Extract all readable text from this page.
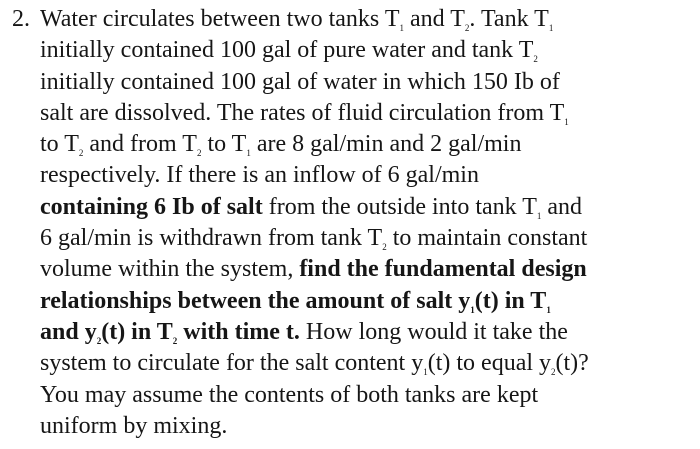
2. Water circulates between two tanks $T_1$ and $T_2$. Tank $T_1$
initially contained 100 gal of pure water and tank $T_2$
initially contained 100 gal of water in which 150 Ib of
salt are dissolved. The rates of fluid circulation from $T_1$
to $T_2$ and from $T_2$ to $T_1$ are 8 gal/min and 2 gal/min
respectively. If there is an inflow of 6 gal/min
containing 6 Ib of salt from the outside into tank $T_1$ and
6 gal/min is withdrawn from tank $T_2$ to maintain constant
volume within the system, find the fundamental design
relationships between the amount of salt $y_1(t)$ in $T_1$
and $y_2(t)$ in $T_2$ with time t. How long would it take the
system to circulate for the salt content $y_1(t)$ to equal $y_2(t)$?
You may assume the contents of both tanks are kept
uniform by mixing.
